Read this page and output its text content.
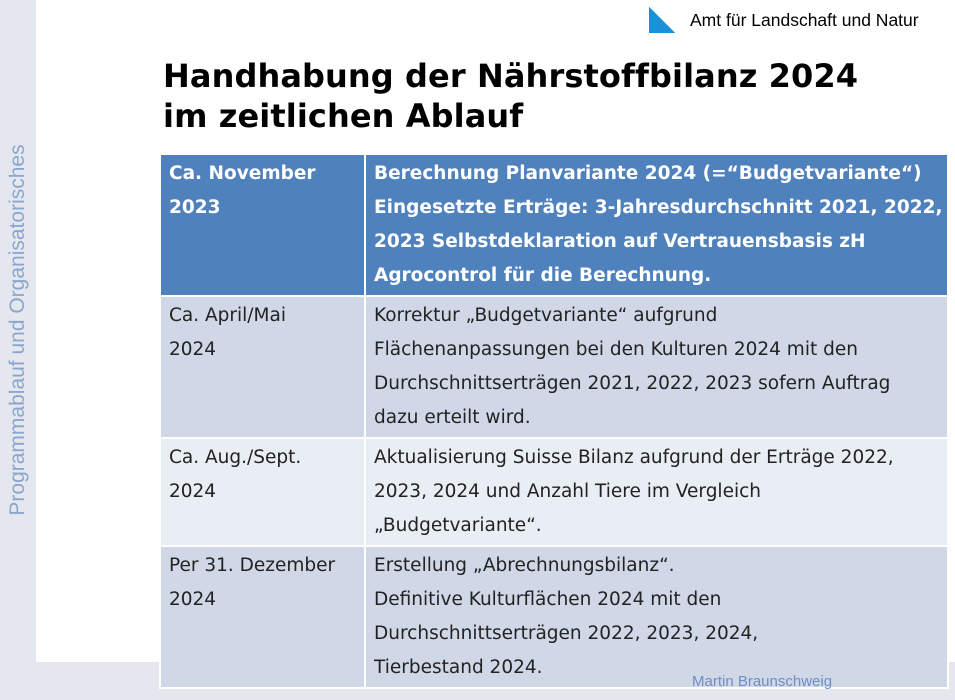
Programmablauf und Organisatorisches
Amt für Landschaft und Natur
Handhabung der Nährstoffbilanz 2024
im zeitlichen Ablauf
Ca. November
2023	Berechnung Planvariante 2024 (=“Budgetvariante“)
Eingesetzte Erträge: 3-Jahresdurchschnitt 2021, 2022,
2023 Selbstdeklaration auf Vertrauensbasis zH
Agrocontrol für die Berechnung.

Ca. April/Mai
2024	Korrektur „Budgetvariante“ aufgrund
Flächenanpassungen bei den Kulturen 2024 mit den
Durchschnittserträgen 2021, 2022, 2023 sofern Auftrag
dazu erteilt wird.

Ca. Aug./Sept.
2024	Aktualisierung Suisse Bilanz aufgrund der Erträge 2022,
2023, 2024 und Anzahl Tiere im Vergleich
„Budgetvariante“.

Per 31. Dezember
2024	Erstellung „Abrechnungsbilanz“.
Definitive Kulturflächen 2024 mit den
Durchschnittserträgen 2022, 2023, 2024,
Tierbestand 2024.
Martin Braunschweig
